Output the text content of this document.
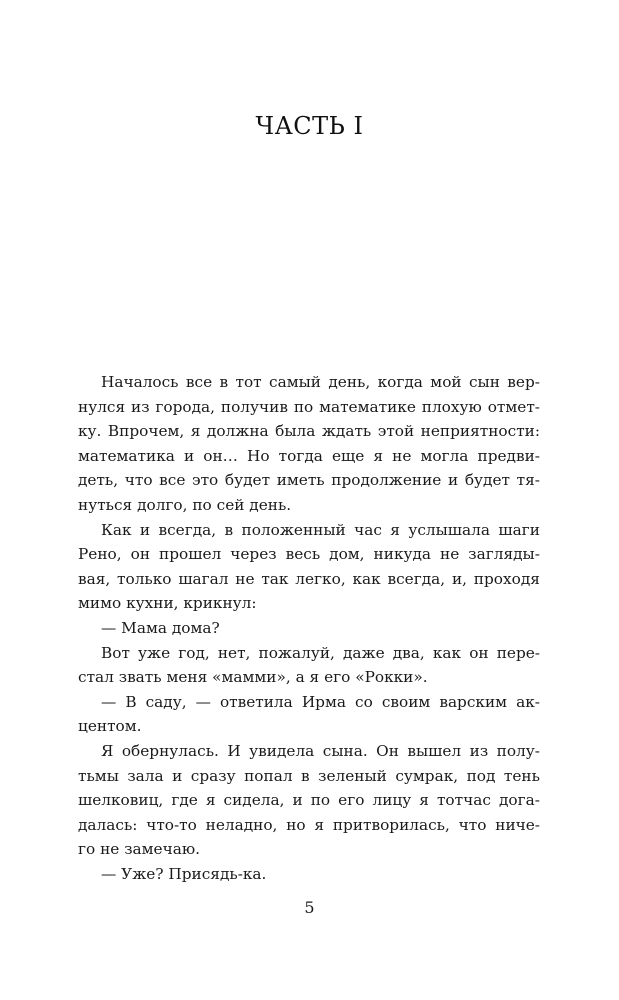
ЧАСТЬ I
Началось все в тот самый день, когда мой сын вер-
нулся из города, получив по математике плохую отмет-
ку. Впрочем, я должна была ждать этой неприятности:
математика и он… Но тогда еще я не могла предви-
деть, что все это будет иметь продолжение и будет тя-
нуться долго, по сей день.
Как и всегда, в положенный час я услышала шаги
Рено, он прошел через весь дом, никуда не загляды-
вая, только шагал не так легко, как всегда, и, проходя
мимо кухни, крикнул:
— Мама дома?
Вот уже год, нет, пожалуй, даже два, как он пере-
стал звать меня «мамми», а я его «Рокки».
— В саду, — ответила Ирма со своим варским ак-
центом.
Я обернулась. И увидела сына. Он вышел из полу-
тьмы зала и сразу попал в зеленый сумрак, под тень
шелковиц, где я сидела, и по его лицу я тотчас дога-
далась: что-то неладно, но я притворилась, что ниче-
го не замечаю.
— Уже? Присядь-ка.
5
